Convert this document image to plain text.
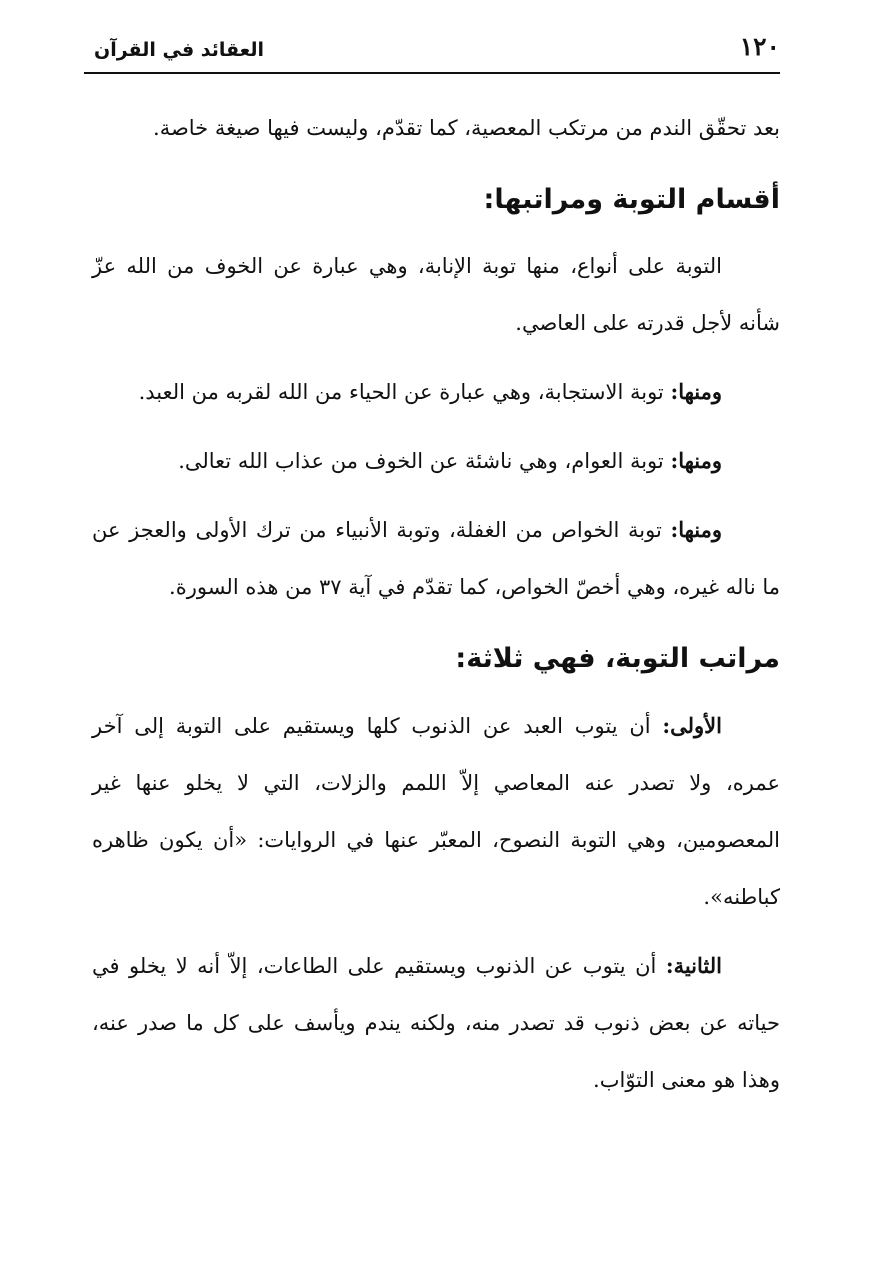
١٢٠
العقائد في القرآن

بعد تحقّق الندم من مرتكب المعصية، كما تقدّم، وليست فيها صيغة خاصة.

أقسام التوبة ومراتبها:

التوبة على أنواع، منها توبة الإنابة، وهي عبارة عن الخوف من الله عزّ شأنه لأجل قدرته على العاصي.

ومنها: توبة الاستجابة، وهي عبارة عن الحياء من الله لقربه من العبد.

ومنها: توبة العوام، وهي ناشئة عن الخوف من عذاب الله تعالى.

ومنها: توبة الخواص من الغفلة، وتوبة الأنبياء من ترك الأولى والعجز عن ما ناله غيره، وهي أخصّ الخواص، كما تقدّم في آية ٣٧ من هذه السورة.

مراتب التوبة، فهي ثلاثة:

الأولى: أن يتوب العبد عن الذنوب كلها ويستقيم على التوبة إلى آخر عمره، ولا تصدر عنه المعاصي إلاّ اللمم والزلات، التي لا يخلو عنها غير المعصومين، وهي التوبة النصوح، المعبّر عنها في الروايات: «أن يكون ظاهره كباطنه».

الثانية: أن يتوب عن الذنوب ويستقيم على الطاعات، إلاّ أنه لا يخلو في حياته عن بعض ذنوب قد تصدر منه، ولكنه يندم ويأسف على كل ما صدر عنه، وهذا هو معنى التوّاب.
